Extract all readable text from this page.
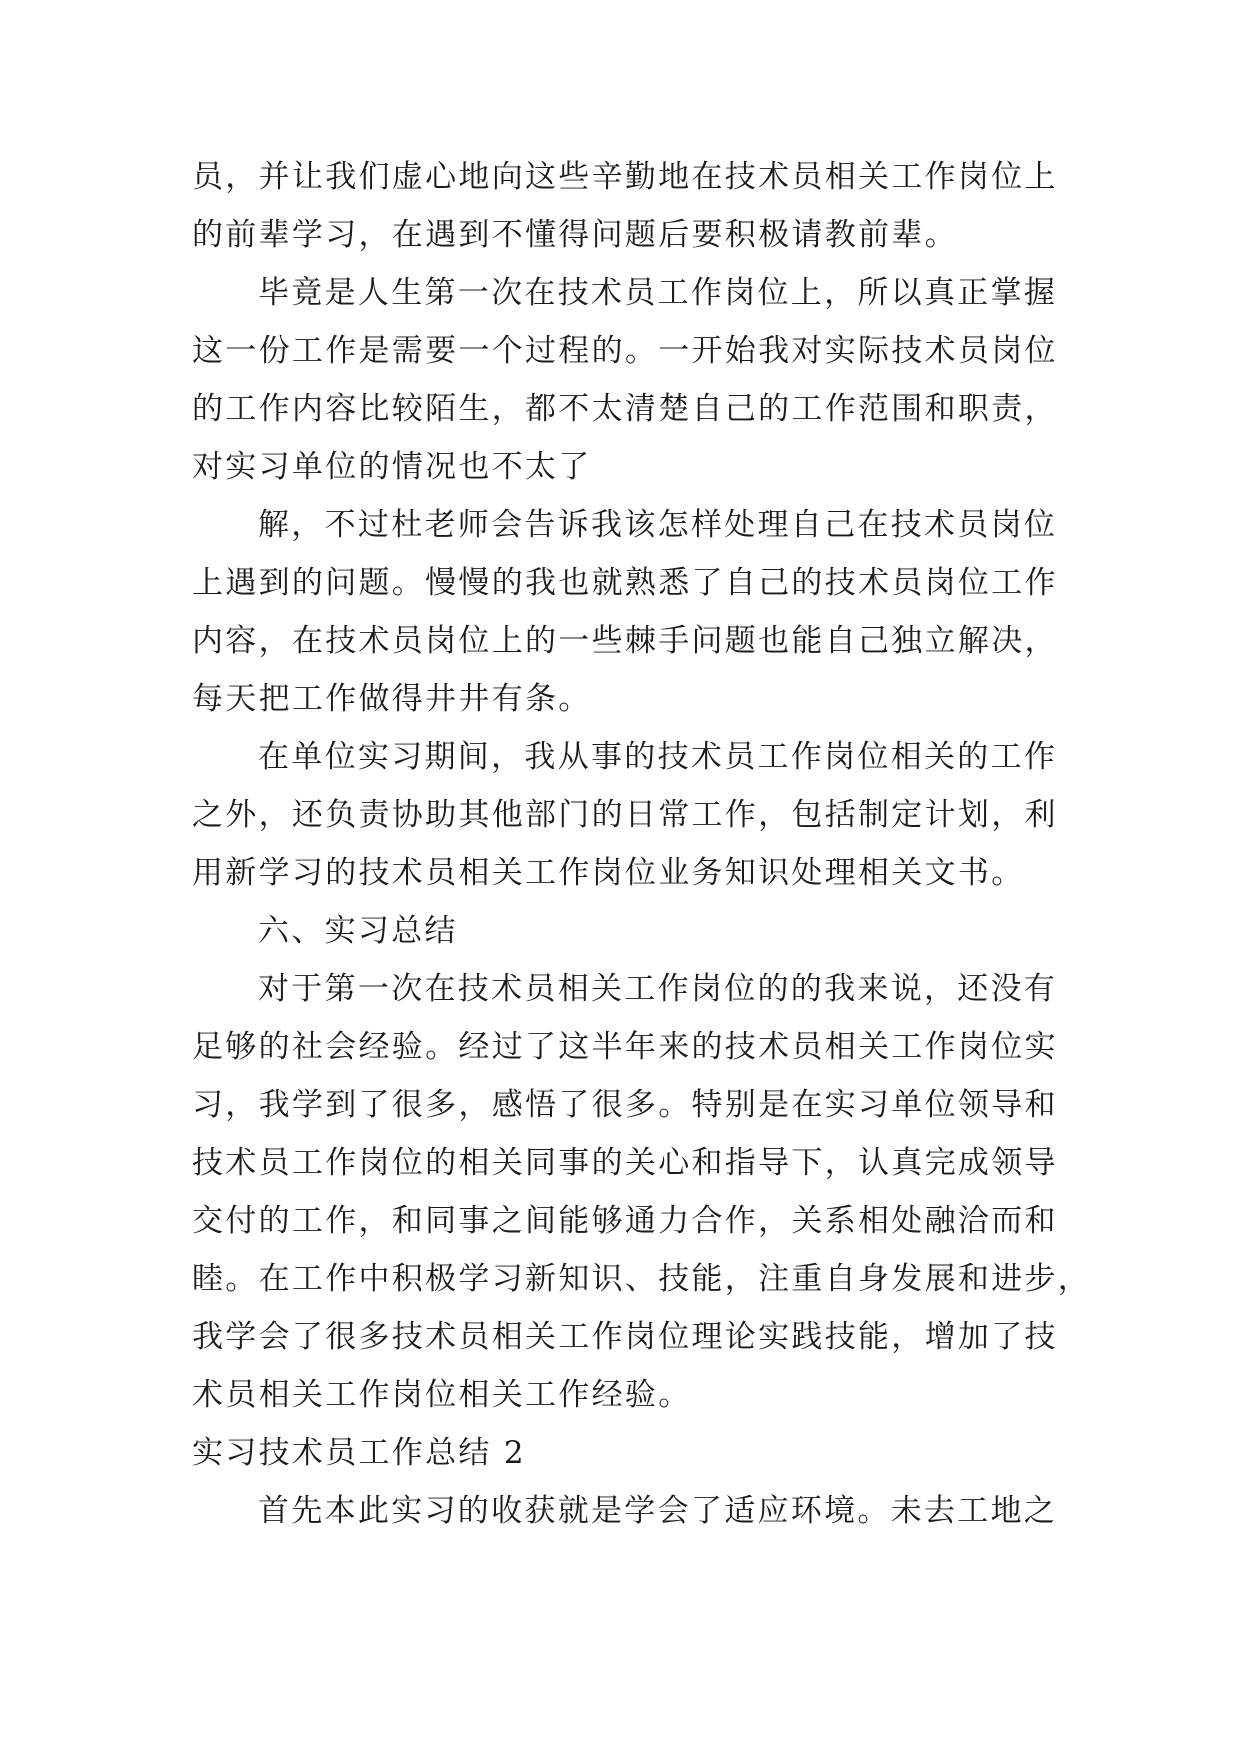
员，并让我们虚心地向这些辛勤地在技术员相关工作岗位上
的前辈学习，在遇到不懂得问题后要积极请教前辈。
毕竟是人生第一次在技术员工作岗位上，所以真正掌握
这一份工作是需要一个过程的。一开始我对实际技术员岗位
的工作内容比较陌生，都不太清楚自己的工作范围和职责，
对实习单位的情况也不太了
解，不过杜老师会告诉我该怎样处理自己在技术员岗位
上遇到的问题。慢慢的我也就熟悉了自己的技术员岗位工作
内容，在技术员岗位上的一些棘手问题也能自己独立解决，
每天把工作做得井井有条。
在单位实习期间，我从事的技术员工作岗位相关的工作
之外，还负责协助其他部门的日常工作，包括制定计划，利
用新学习的技术员相关工作岗位业务知识处理相关文书。
六、实习总结
对于第一次在技术员相关工作岗位的的我来说，还没有
足够的社会经验。经过了这半年来的技术员相关工作岗位实
习，我学到了很多，感悟了很多。特别是在实习单位领导和
技术员工作岗位的相关同事的关心和指导下，认真完成领导
交付的工作，和同事之间能够通力合作，关系相处融洽而和
睦。在工作中积极学习新知识、技能，注重自身发展和进步，
我学会了很多技术员相关工作岗位理论实践技能，增加了技
术员相关工作岗位相关工作经验。
实习技术员工作总结 2
首先本此实习的收获就是学会了适应环境。未去工地之
